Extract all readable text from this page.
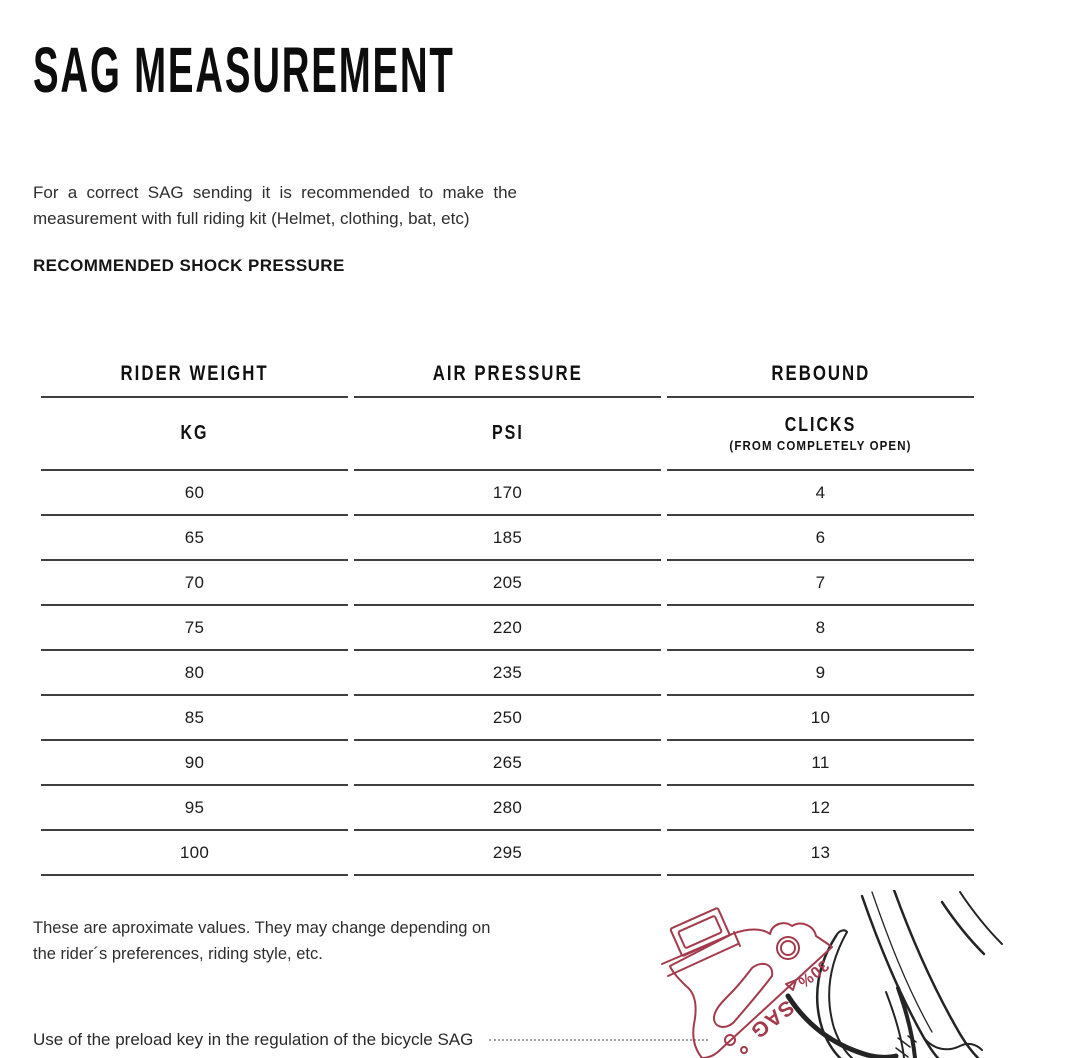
SAG MEASUREMENT

For a correct SAG sending it is recommended to make the measurement with full riding kit (Helmet, clothing, bat, etc)

RECOMMENDED SHOCK PRESSURE
RIDER WEIGHT	AIR PRESSURE	REBOUND
KG	PSI	CLICKS
(FROM COMPLETELY OPEN)

60	170	4
65	185	6
70	205	7
75	220	8
80	235	9
85	250	10
90	265	11
95	280	12
100	295	13

These are aproximate values. They may change depending on the rider´s preferences, riding style, etc.

Use of the preload key in the regulation of the bicycle SAG	SAG
30%
